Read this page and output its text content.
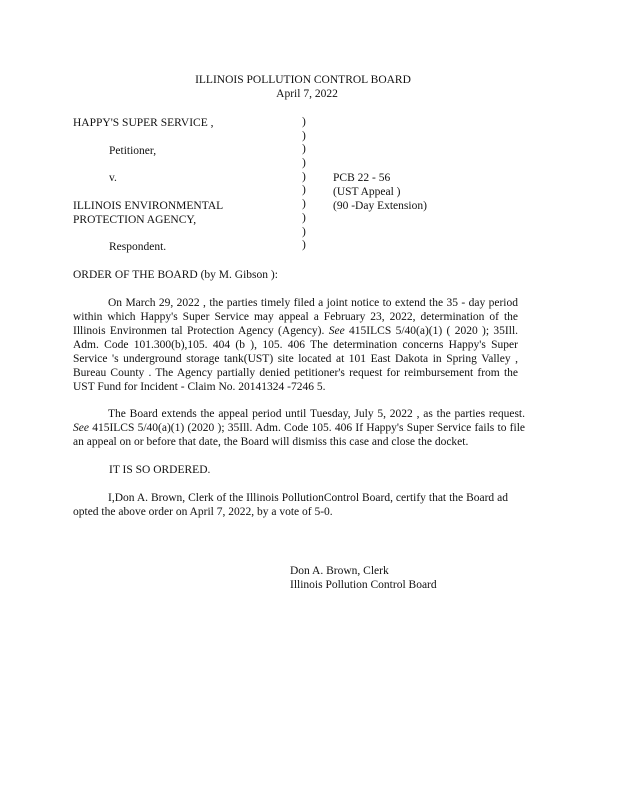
ILLINOIS POLLUTION CONTROL BOARD

April 7, 2022

HAPPY'S SUPER SERVICE ,

Petitioner,

v.

ILLINOIS ENVIRONMENTAL

PROTECTION AGENCY,

Respondent.

)
)
)
)
)
)
)
)
)
)

PCB 22 - 56

(UST Appeal )

(90 -Day Extension)

ORDER OF THE BOARD (by M. Gibson ):

On March 29, 2022 , the parties timely filed a joint notice to extend the 35 - day period within which Happy's Super Service may appeal a February 23, 2022, determination of the Illinois Environmen tal Protection Agency (Agency). See 415ILCS 5/40(a)(1) ( 2020 ); 35Ill. Adm. Code 101.300(b),105. 404 (b ), 105. 406 The determination concerns Happy's Super Service 's underground storage tank(UST) site located at 101 East Dakota in Spring Valley , Bureau County . The Agency partially denied petitioner's request for reimbursement from the UST Fund for Incident - Claim No. 20141324 -7246 5.

The Board extends the appeal period until Tuesday, July 5, 2022 , as the parties request. See 415ILCS 5/40(a)(1) (2020 ); 35Ill. Adm. Code 105. 406 If Happy's Super Service fails to file an appeal on or before that date, the Board will dismiss this case and close the docket.

IT IS SO ORDERED.

I,Don A. Brown, Clerk of the Illinois PollutionControl Board, certify that the Board ad opted the above order on April 7, 2022, by a vote of 5-0.

Don A. Brown, Clerk

Illinois Pollution Control Board
